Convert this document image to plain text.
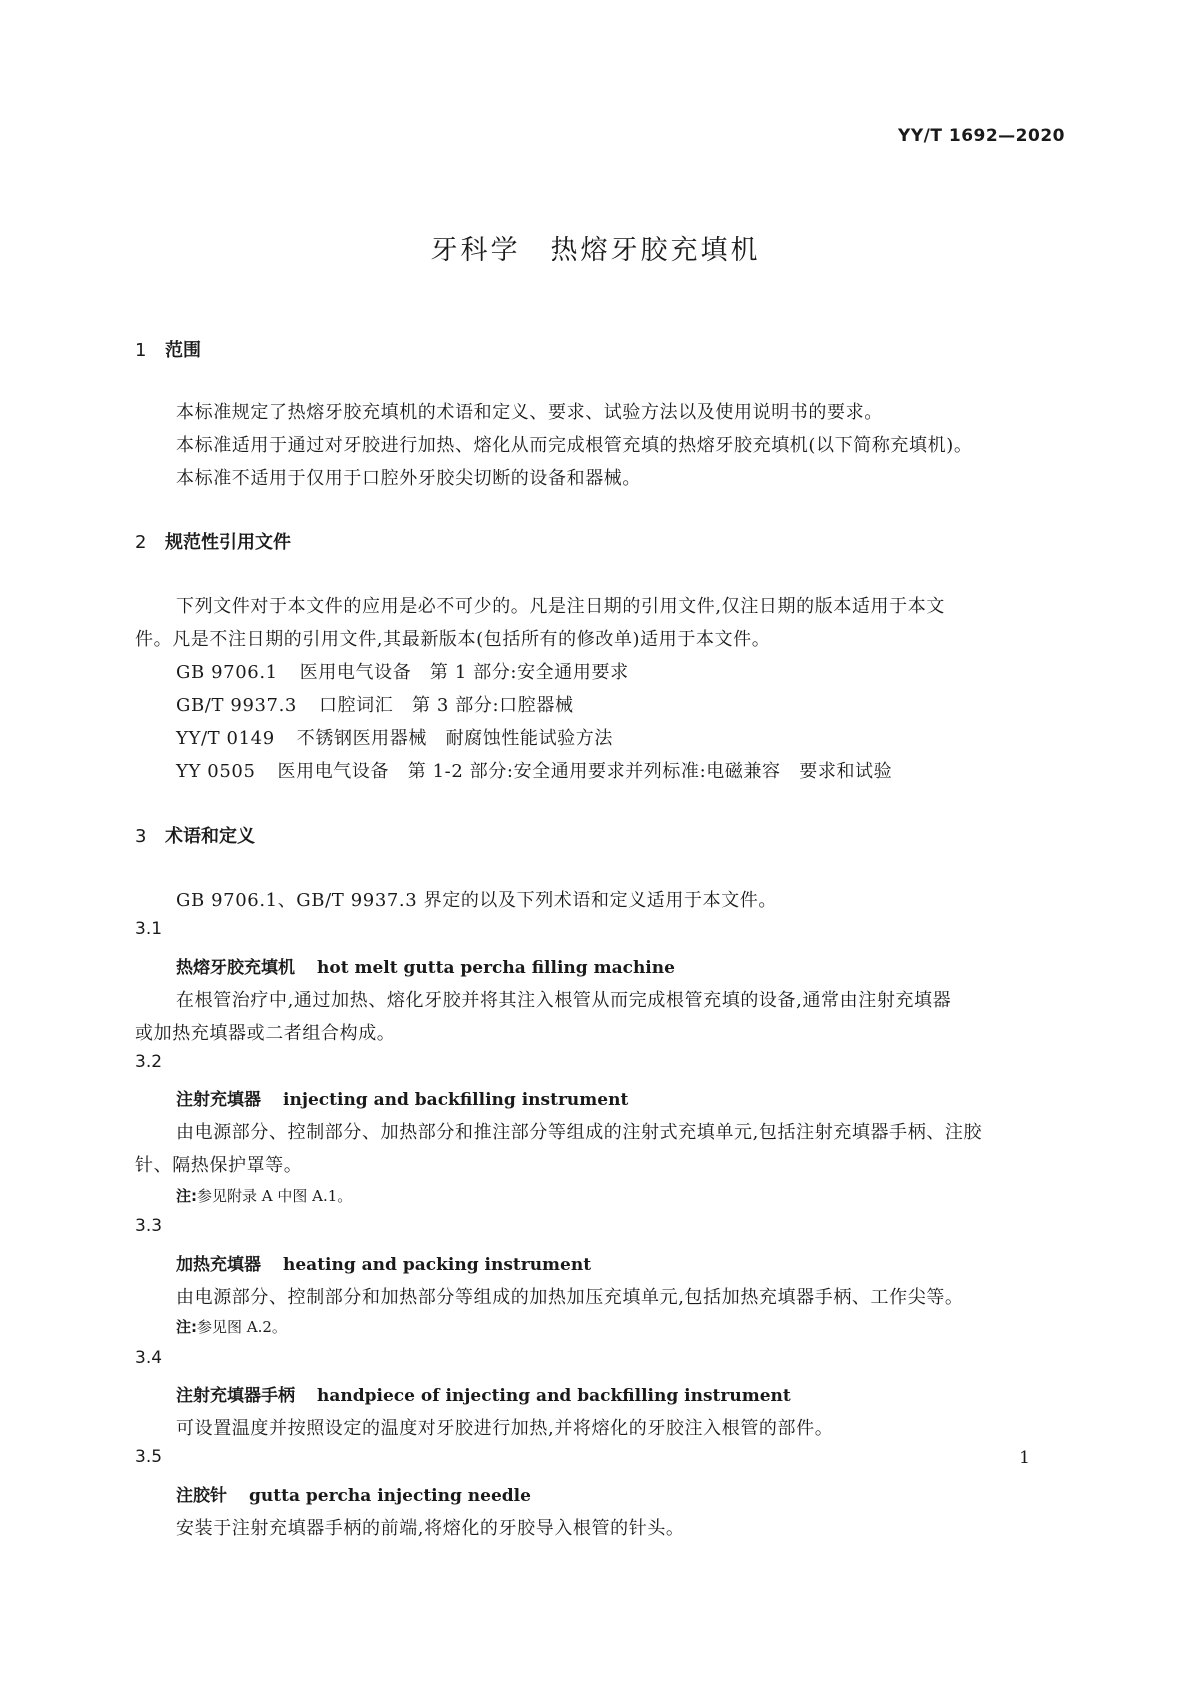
YY/T 1692—2020
牙科学　热熔牙胶充填机
1 范围
本标准规定了热熔牙胶充填机的术语和定义、要求、试验方法以及使用说明书的要求。
本标准适用于通过对牙胶进行加热、熔化从而完成根管充填的热熔牙胶充填机(以下简称充填机)。
本标准不适用于仅用于口腔外牙胶尖切断的设备和器械。
2 规范性引用文件
下列文件对于本文件的应用是必不可少的。凡是注日期的引用文件,仅注日期的版本适用于本文
件。凡是不注日期的引用文件,其最新版本(包括所有的修改单)适用于本文件。
GB 9706.1 医用电气设备　第 1 部分:安全通用要求
GB/T 9937.3 口腔词汇　第 3 部分:口腔器械
YY/T 0149 不锈钢医用器械　耐腐蚀性能试验方法
YY 0505 医用电气设备　第 1-2 部分:安全通用要求并列标准:电磁兼容　要求和试验
3 术语和定义
GB 9706.1、GB/T 9937.3 界定的以及下列术语和定义适用于本文件。
3.1
热熔牙胶充填机 hot melt gutta percha filling machine
在根管治疗中,通过加热、熔化牙胶并将其注入根管从而完成根管充填的设备,通常由注射充填器
或加热充填器或二者组合构成。
3.2
注射充填器 injecting and backfilling instrument
由电源部分、控制部分、加热部分和推注部分等组成的注射式充填单元,包括注射充填器手柄、注胶
针、隔热保护罩等。
注:参见附录 A 中图 A.1。
3.3
加热充填器 heating and packing instrument
由电源部分、控制部分和加热部分等组成的加热加压充填单元,包括加热充填器手柄、工作尖等。
注:参见图 A.2。
3.4
注射充填器手柄 handpiece of injecting and backfilling instrument
可设置温度并按照设定的温度对牙胶进行加热,并将熔化的牙胶注入根管的部件。
3.5
注胶针 gutta percha injecting needle
安装于注射充填器手柄的前端,将熔化的牙胶导入根管的针头。
1
